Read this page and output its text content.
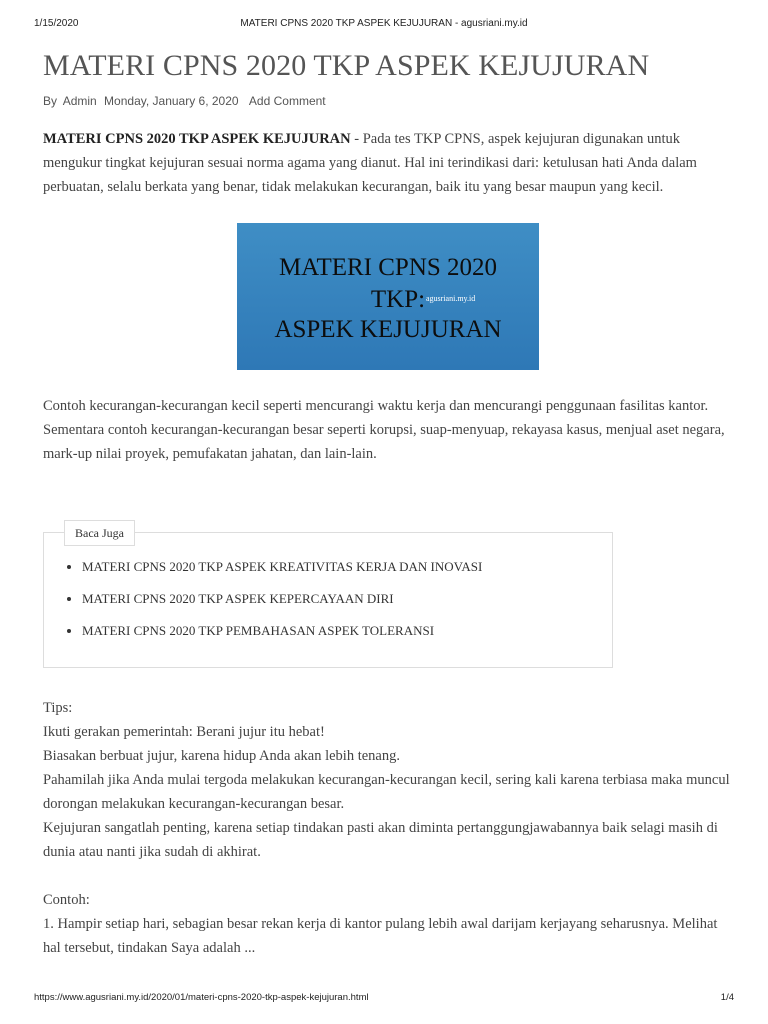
1/15/2020	MATERI CPNS 2020 TKP ASPEK KEJUJURAN - agusriani.my.id
MATERI CPNS 2020 TKP ASPEK KEJUJURAN
By Admin Monday, January 6, 2020 Add Comment

MATERI CPNS 2020 TKP ASPEK KEJUJURAN - Pada tes TKP CPNS, aspek kejujuran digunakan untuk mengukur tingkat kejujuran sesuai norma agama yang dianut. Hal ini terindikasi dari: ketulusan hati Anda dalam perbuatan, selalu berkata yang benar, tidak melakukan kecurangan, baik itu yang besar maupun yang kecil.

MATERI CPNS 2020
TKP: agusriani.my.id
ASPEK KEJUJURAN

Contoh kecurangan-kecurangan kecil seperti mencurangi waktu kerja dan mencurangi penggunaan fasilitas kantor. Sementara contoh kecurangan-kecurangan besar seperti korupsi, suap-menyuap, rekayasa kasus, menjual aset negara, mark-up nilai proyek, pemufakatan jahatan, dan lain-lain.

Baca Juga
• MATERI CPNS 2020 TKP ASPEK KREATIVITAS KERJA DAN INOVASI
• MATERI CPNS 2020 TKP ASPEK KEPERCAYAAN DIRI
• MATERI CPNS 2020 TKP PEMBAHASAN ASPEK TOLERANSI

Tips:

Ikuti gerakan pemerintah: Berani jujur itu hebat!

Biasakan berbuat jujur, karena hidup Anda akan lebih tenang.

Pahamilah jika Anda mulai tergoda melakukan kecurangan-kecurangan kecil, sering kali karena terbiasa maka muncul dorongan melakukan kecurangan-kecurangan besar.

Kejujuran sangatlah penting, karena setiap tindakan pasti akan diminta pertanggungjawabannya baik selagi masih di dunia atau nanti jika sudah di akhirat.

Contoh:

1. Hampir setiap hari, sebagian besar rekan kerja di kantor pulang lebih awal darijam kerjayang seharusnya. Melihat hal tersebut, tindakan Saya adalah ...

https://www.agusriani.my.id/2020/01/materi-cpns-2020-tkp-aspek-kejujuran.html	1/4
